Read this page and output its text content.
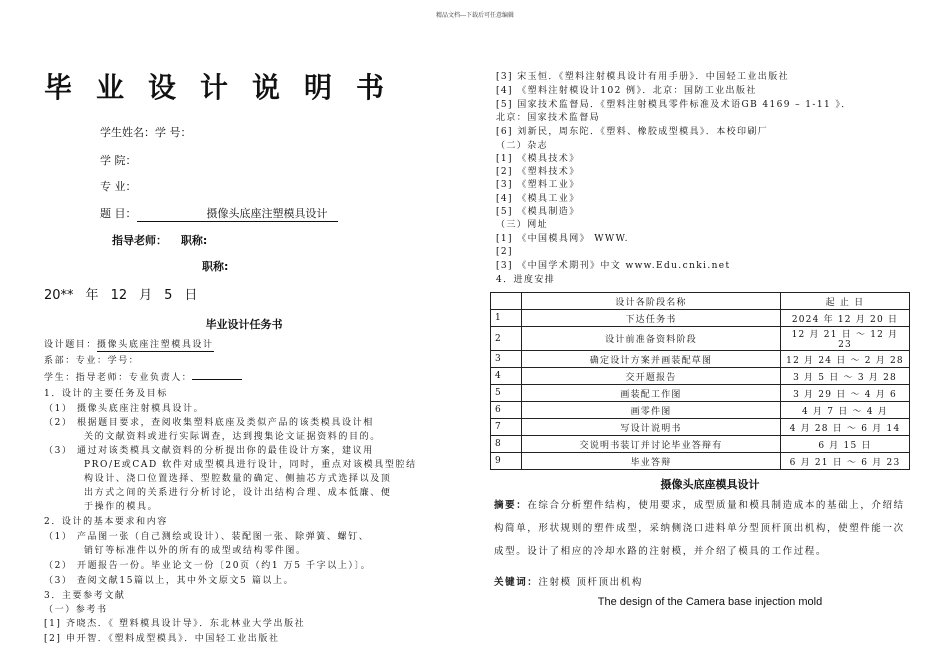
精品文档---下载后可任意编辑
毕业设计说明书
学生姓名：学 号：
学 院：
专 业：
题 目：	摄像头底座注塑模具设计
指导老师： 职称:
职称:
20** 年 12 月 5 日
毕业设计任务书
设计题目：摄像头底座注塑模具设计
系部：专业：学号：
学生：指导老师：专业负责人：
1．设计的主要任务及目标
（1） 摄像头底座注射模具设计。
（2） 根据题目要求，查阅收集塑料底座及类似产品的该类模具设计相
关的文献资料或进行实际调查，达到搜集论文证据资料的目的。
（3） 通过对该类模具文献资料的分析提出你的最佳设计方案，建议用
PRO/E或CAD 软件对成型模具进行设计，同时，重点对该模具型腔结
构设计、浇口位置选择、型腔数量的确定、侧抽芯方式选择以及顶
出方式之间的关系进行分析讨论，设计出结构合理、成本低廉、便
于操作的模具。
2．设计的基本要求和内容
（1） 产品图一张（自己测绘或设计）、装配图一张、除弹簧、螺钉、
销钉等标准件以外的所有的成型或结构零件图。
（2） 开题报告一份。毕业论文一份〔20页（约1 万5 千字以上）〕。
（3） 查阅文献15篇以上，其中外文原文5 篇以上。
3．主要参考文献
（一）参考书
[1] 齐晓杰．《 塑料模具设计导》．东北林业大学出版社
[2] 申开智．《塑料成型模具》．中国轻工业出版社
[3] 宋玉恒．《塑料注射模具设计有用手册》．中国轻工业出版社
[4] 《塑料注射模设计102 例》．北京：国防工业出版社
[5] 国家技术监督局．《塑料注射模具零件标准及术语GB 4169 – 1-11 》．
北京：国家技术监督局
[6] 刘新民，周东陀．《塑料、橡胶成型模具》．本校印刷厂
（二）杂志
[1] 《模具技术》
[2] 《塑料技术》
[3] 《塑料工业》
[4] 《模具工业》
[5] 《模具制造》
（三）网址
[1] 《中国模具网》 WWW.
[2]
[3] 《中国学术期刊》中文 www.Edu.cnki.net
4．进度安排
	设计各阶段名称	起 止 日
1	下达任务书	2024 年 12 月 20 日
2	设计前准备资料阶段	12 月 21 日 ～ 12 月 23
3	确定设计方案并画装配草图	12 月 24 日 ～ 2 月 28
4	交开题报告	3 月 5 日 ～ 3 月 28
5	画装配工作图	3 月 29 日 ～ 4 月 6
6	画零件图	4 月 7 日 ～ 4 月
7	写设计说明书	4 月 28 日 ～ 6 月 14
8	交说明书装订并讨论毕业答辩有	6 月 15 日
9	毕业答辩	6 月 21 日 ～ 6 月 23
摄像头底座模具设计
摘要：在综合分析塑件结构，使用要求，成型质量和模具制造成本的基础上，介绍结构简单，形状规则的塑件成型，采纳侧浇口进料单分型顶杆顶出机构，使塑件能一次成型。设计了相应的冷却水路的注射模，并介绍了模具的工作过程。
关键词：注射模 顶杆顶出机构
The design of the Camera base injection mold
